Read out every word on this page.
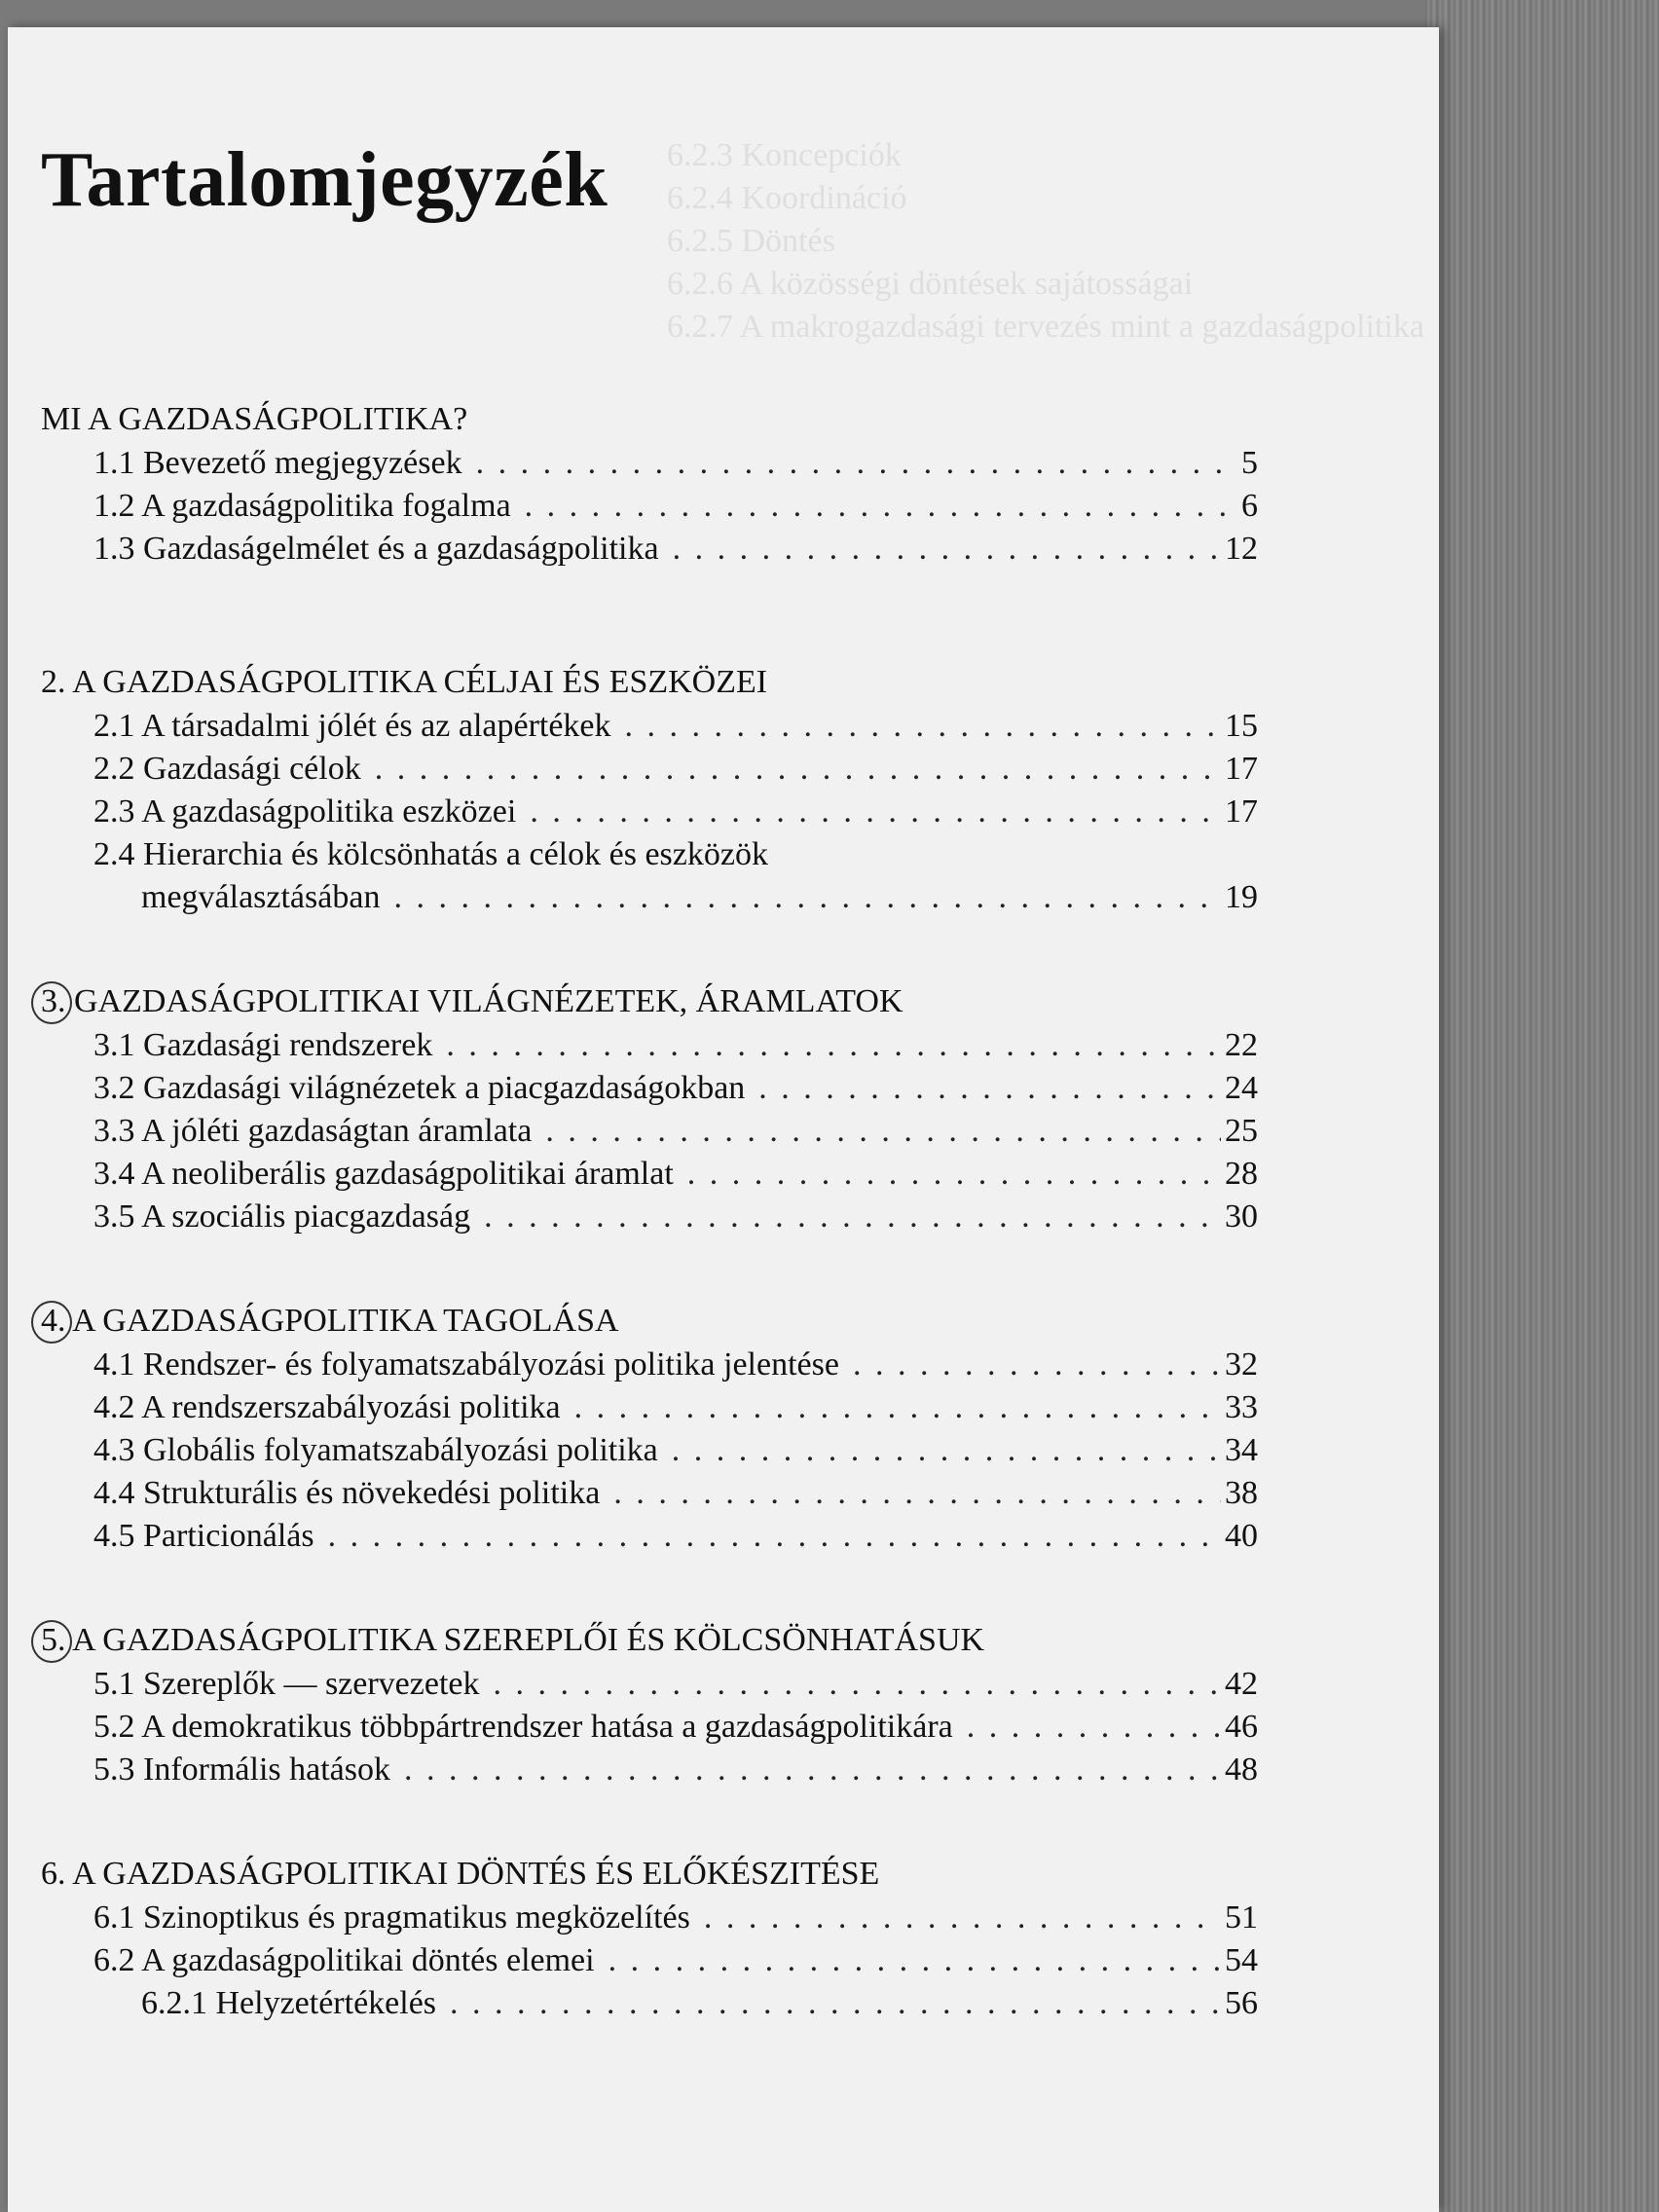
6.2.3 Koncepciók
6.2.4 Koordináció
6.2.5 Döntés
6.2.6 A közösségi döntések sajátosságai
6.2.7 A makrogazdasági tervezés mint a gazdaságpolitika
Tartalomjegyzék
MI A GAZDASÁGPOLITIKA?
1.1 Bevezető megjegyzések . . .	5
1.2 A gazdaságpolitika fogalma . . .	6
1.3 Gazdaságelmélet és a gazdaságpolitika . . .	12
2. A GAZDASÁGPOLITIKA CÉLJAI ÉS ESZKÖZEI
2.1 A társadalmi jólét és az alapértékek . . .	15
2.2 Gazdasági célok . . .	17
2.3 A gazdaságpolitika eszközei . . .	17
2.4 Hierarchia és kölcsönhatás a célok és eszközök
megválasztásában . . .	19
3. GAZDASÁGPOLITIKAI VILÁGNÉZETEK, ÁRAMLATOK
3.1 Gazdasági rendszerek . . .	22
3.2 Gazdasági világnézetek a piacgazdaságokban . . .	24
3.3 A jóléti gazdaságtan áramlata . . .	25
3.4 A neoliberális gazdaságpolitikai áramlat . . .	28
3.5 A szociális piacgazdaság . . .	30
4. A GAZDASÁGPOLITIKA TAGOLÁSA
4.1 Rendszer- és folyamatszabályozási politika jelentése . . .	32
4.2 A rendszerszabályozási politika . . .	33
4.3 Globális folyamatszabályozási politika . . .	34
4.4 Strukturális és növekedési politika . . .	38
4.5 Particionálás . . .	40
5. A GAZDASÁGPOLITIKA SZEREPLŐI ÉS KÖLCSÖNHATÁSUK
5.1 Szereplők — szervezetek . . .	42
5.2 A demokratikus többpártrendszer hatása a gazdaságpolitikára . . .	46
5.3 Informális hatások . . .	48
6. A GAZDASÁGPOLITIKAI DÖNTÉS ÉS ELŐKÉSZITÉSE
6.1 Szinoptikus és pragmatikus megközelítés . . .	51
6.2 A gazdaságpolitikai döntés elemei . . .	54
6.2.1 Helyzetértékelés . . .	56
